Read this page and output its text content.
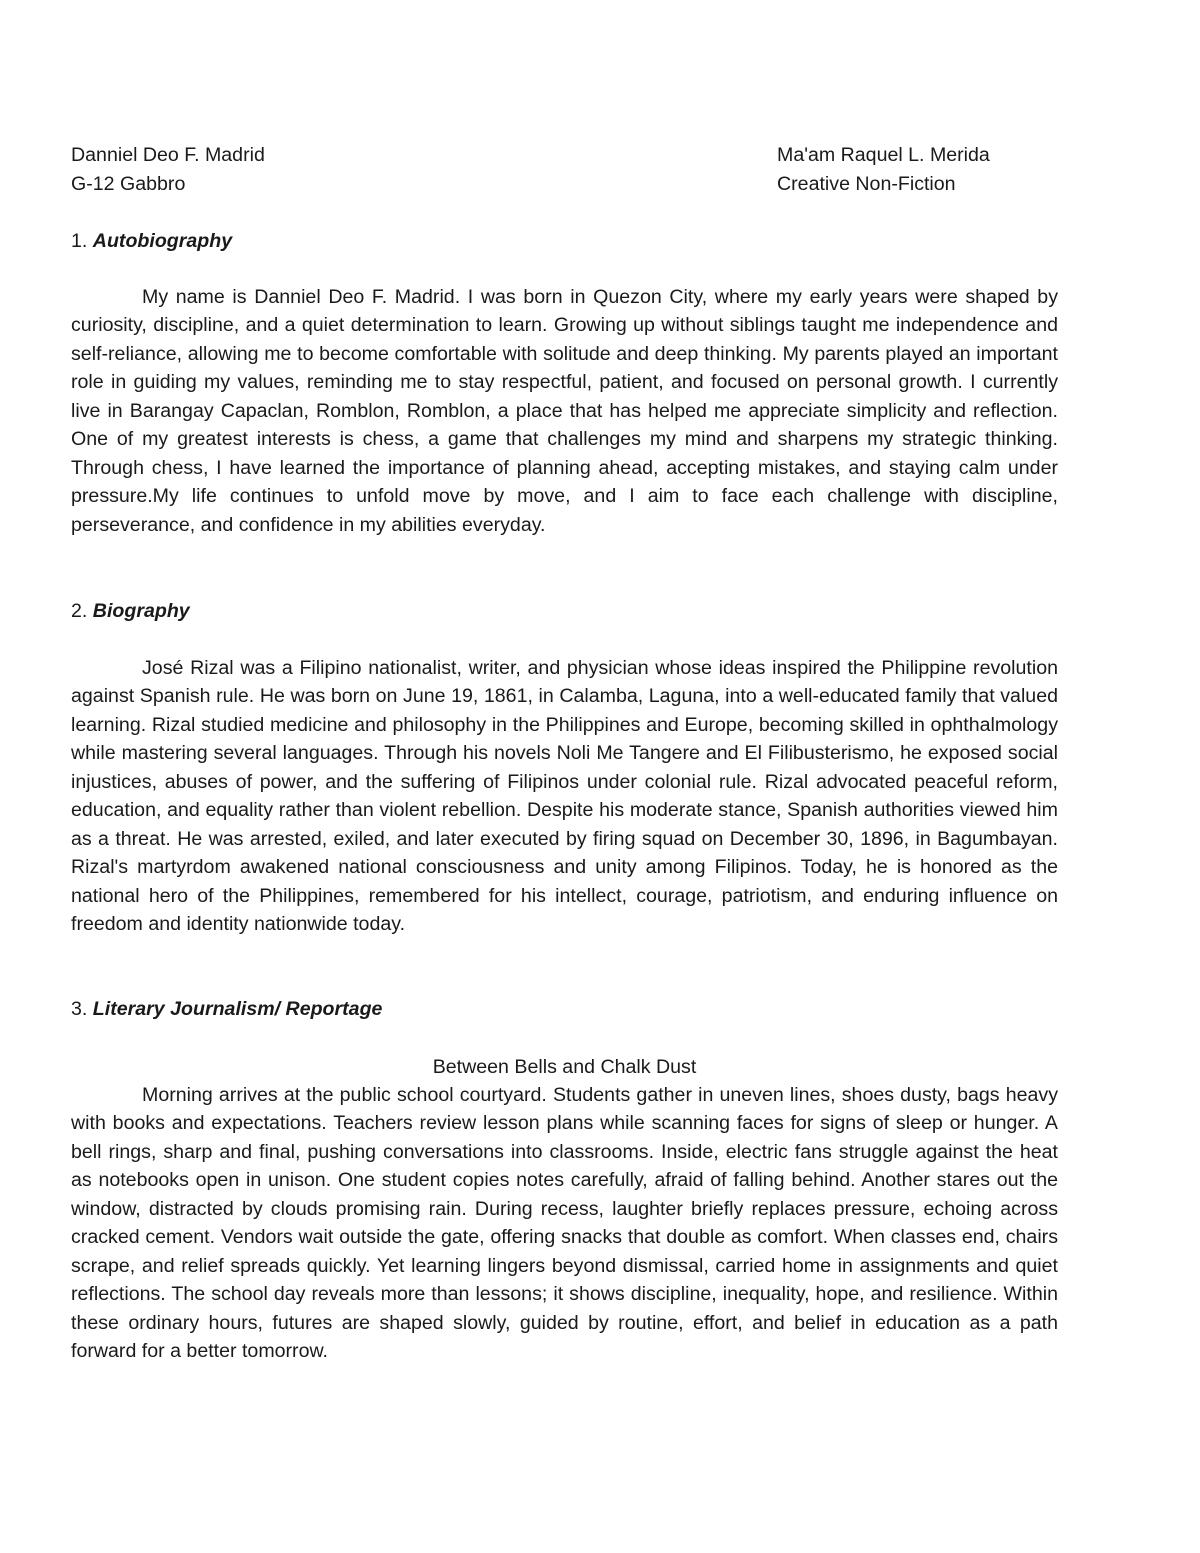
Danniel Deo F. Madrid
G-12 Gabbro
Ma'am Raquel L. Merida
Creative Non-Fiction
1. Autobiography

My name is Danniel Deo F. Madrid. I was born in Quezon City, where my early years were shaped by curiosity, discipline, and a quiet determination to learn. Growing up without siblings taught me independence and self-reliance, allowing me to become comfortable with solitude and deep thinking. My parents played an important role in guiding my values, reminding me to stay respectful, patient, and focused on personal growth. I currently live in Barangay Capaclan, Romblon, Romblon, a place that has helped me appreciate simplicity and reflection. One of my greatest interests is chess, a game that challenges my mind and sharpens my strategic thinking. Through chess, I have learned the importance of planning ahead, accepting mistakes, and staying calm under pressure.My life continues to unfold move by move, and I aim to face each challenge with discipline, perseverance, and confidence in my abilities everyday.

2. Biography

José Rizal was a Filipino nationalist, writer, and physician whose ideas inspired the Philippine revolution against Spanish rule. He was born on June 19, 1861, in Calamba, Laguna, into a well-educated family that valued learning. Rizal studied medicine and philosophy in the Philippines and Europe, becoming skilled in ophthalmology while mastering several languages. Through his novels Noli Me Tangere and El Filibusterismo, he exposed social injustices, abuses of power, and the suffering of Filipinos under colonial rule. Rizal advocated peaceful reform, education, and equality rather than violent rebellion. Despite his moderate stance, Spanish authorities viewed him as a threat. He was arrested, exiled, and later executed by firing squad on December 30, 1896, in Bagumbayan. Rizal's martyrdom awakened national consciousness and unity among Filipinos. Today, he is honored as the national hero of the Philippines, remembered for his intellect, courage, patriotism, and enduring influence on freedom and identity nationwide today.

3. Literary Journalism/ Reportage
Between Bells and Chalk Dust

Morning arrives at the public school courtyard. Students gather in uneven lines, shoes dusty, bags heavy with books and expectations. Teachers review lesson plans while scanning faces for signs of sleep or hunger. A bell rings, sharp and final, pushing conversations into classrooms. Inside, electric fans struggle against the heat as notebooks open in unison. One student copies notes carefully, afraid of falling behind. Another stares out the window, distracted by clouds promising rain. During recess, laughter briefly replaces pressure, echoing across cracked cement. Vendors wait outside the gate, offering snacks that double as comfort. When classes end, chairs scrape, and relief spreads quickly. Yet learning lingers beyond dismissal, carried home in assignments and quiet reflections. The school day reveals more than lessons; it shows discipline, inequality, hope, and resilience. Within these ordinary hours, futures are shaped slowly, guided by routine, effort, and belief in education as a path forward for a better tomorrow.
